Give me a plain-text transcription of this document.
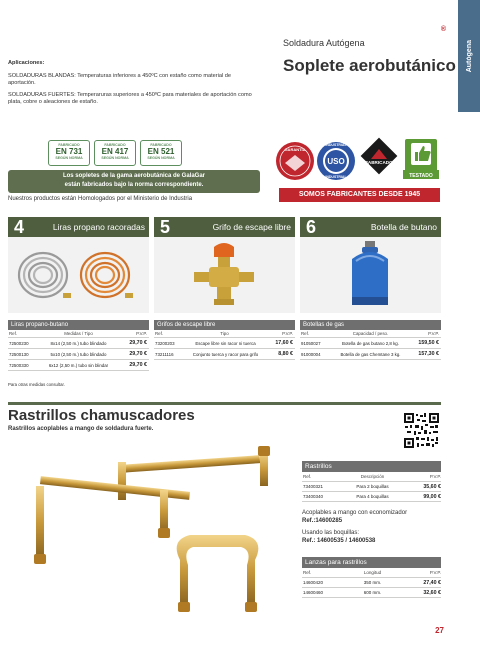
Autógena
®
Soldadura Autógena
Soplete aerobutánico
Aplicaciones:

SOLDADURAS BLANDAS: Temperaturas inferiores a 450ºC con estaño como material de aportación.

SOLDADURAS FUERTES: Temperaruras superiores a 450ºC para materiales de aportación como plata, cobre o aleaciones de estaño.

FABRICADO
EN 731
SEGÚN NORMA
FABRICADO
EN 417
SEGÚN NORMA
FABRICADO
EN 521
SEGÚN NORMA
Los sopletes de la gama aerobutánica de GalaGar
están fabricados bajo la norma correspondiente.
Nuestros productos están Homologados por el Ministerio de Industria
GARANTÍA
USO
INDUSTRIAL
INDUSTRIAL
FABRICADO
TESTADO
SOMOS FABRICANTES DESDE 1945
4	Liras propano racoradas 5	Grifo de escape libre 6	Botella de butano
Liras propano-butano
Ref.	Medidas / Tipo	P.V.P.
72500230	8x14 (2,50 m.) tubo blindado	29,70 €
72500130	5x10 (2,50 m.) tubo blindado	29,70 €
72500330	6x12 (2,50 m.) tubo sin blindar	29,70 €
Grifos de escape libre
Ref.	Tipo	P.V.P.
73200203	Escape libre sin racor ni tuerca	17,60 €
73211116	Conjunto tuerca y racor para grifo	8,80 €
Botellas de gas
Ref.	Capacidad / peso.	P.V.P.
91050027	Botella de gas butano 2,8 kg.	159,50 €
91000004	Botella de gas Chemtane 3 kg.	157,30 €
Para otras medidas consultar.
Rastrillos chamuscadores
Rastrillos acoplables a mango de soldadura fuerte.
Rastrillos
Ref.	Descripción	P.V.P.
73400321	Para 2 boquillas	35,60 €
73400340	Para 4 boquillas	99,00 €
Acoplables a mango con economizador
Ref.:14600285
Usando las boquillas:
Ref.: 14600535 / 14600538
Lanzas para rastrillos
Ref.	Longitud	P.V.P.
14600420	350 mm.	27,40 €
14600460	600 mm.	32,60 €
27
